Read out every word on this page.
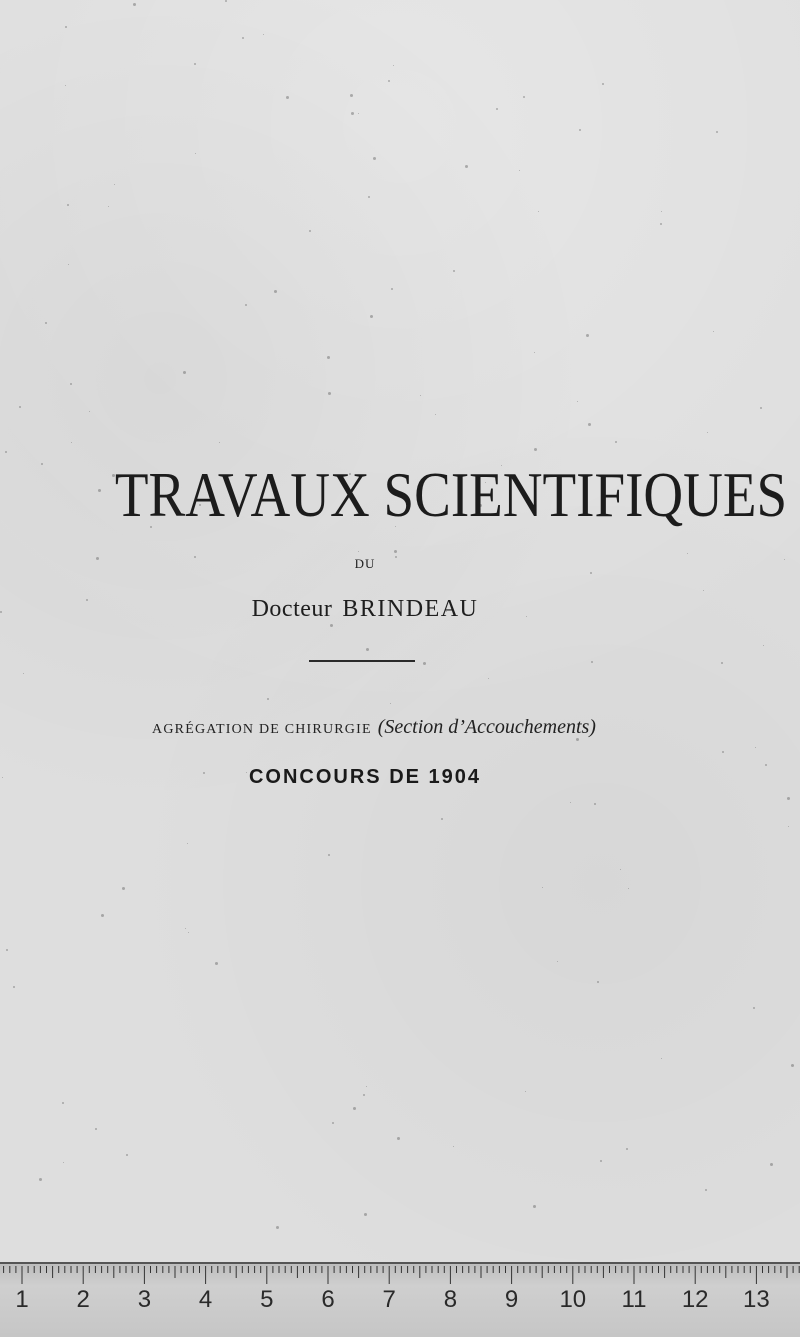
TRAVAUX SCIENTIFIQUES
DU
Docteur BRINDEAU
AGRÉGATION DE CHIRURGIE (Section d’Accouchements)
CONCOURS DE 1904
1	2	3	4	5	6	7	8	9	10	11	12 13
